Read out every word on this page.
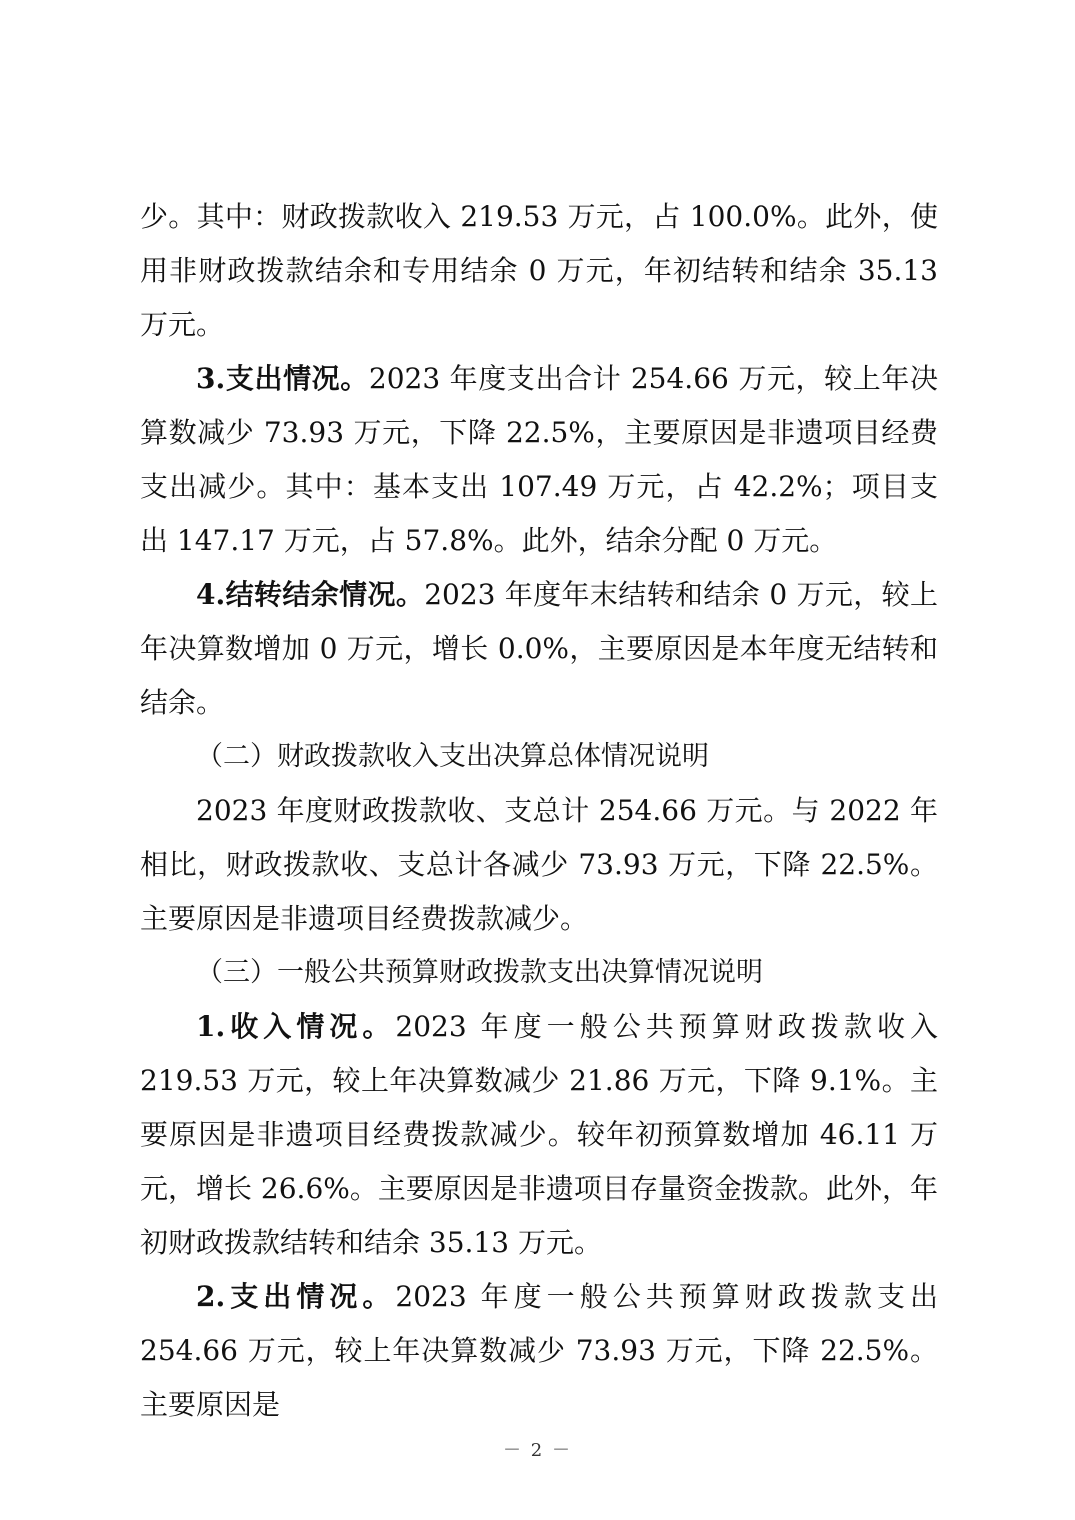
少。其中：财政拨款收入 219.53 万元，占 100.0%。此外，使用非财政拨款结余和专用结余 0 万元，年初结转和结余 35.13 万元。

3.支出情况。2023 年度支出合计 254.66 万元，较上年决算数减少 73.93 万元，下降 22.5%，主要原因是非遗项目经费支出减少。其中：基本支出 107.49 万元，占 42.2%；项目支出 147.17 万元，占 57.8%。此外，结余分配 0 万元。

4.结转结余情况。2023 年度年末结转和结余 0 万元，较上年决算数增加 0 万元，增长 0.0%，主要原因是本年度无结转和结余。

（二）财政拨款收入支出决算总体情况说明

2023 年度财政拨款收、支总计 254.66 万元。与 2022 年相比，财政拨款收、支总计各减少 73.93 万元，下降 22.5%。主要原因是非遗项目经费拨款减少。

（三）一般公共预算财政拨款支出决算情况说明

1.收入情况。2023 年度一般公共预算财政拨款收入 219.53 万元，较上年决算数减少 21.86 万元，下降 9.1%。主要原因是非遗项目经费拨款减少。较年初预算数增加 46.11 万元，增长 26.6%。主要原因是非遗项目存量资金拨款。此外，年初财政拨款结转和结余 35.13 万元。

2.支出情况。2023 年度一般公共预算财政拨款支出 254.66 万元，较上年决算数减少 73.93 万元，下降 22.5%。主要原因是

－ 2 －
